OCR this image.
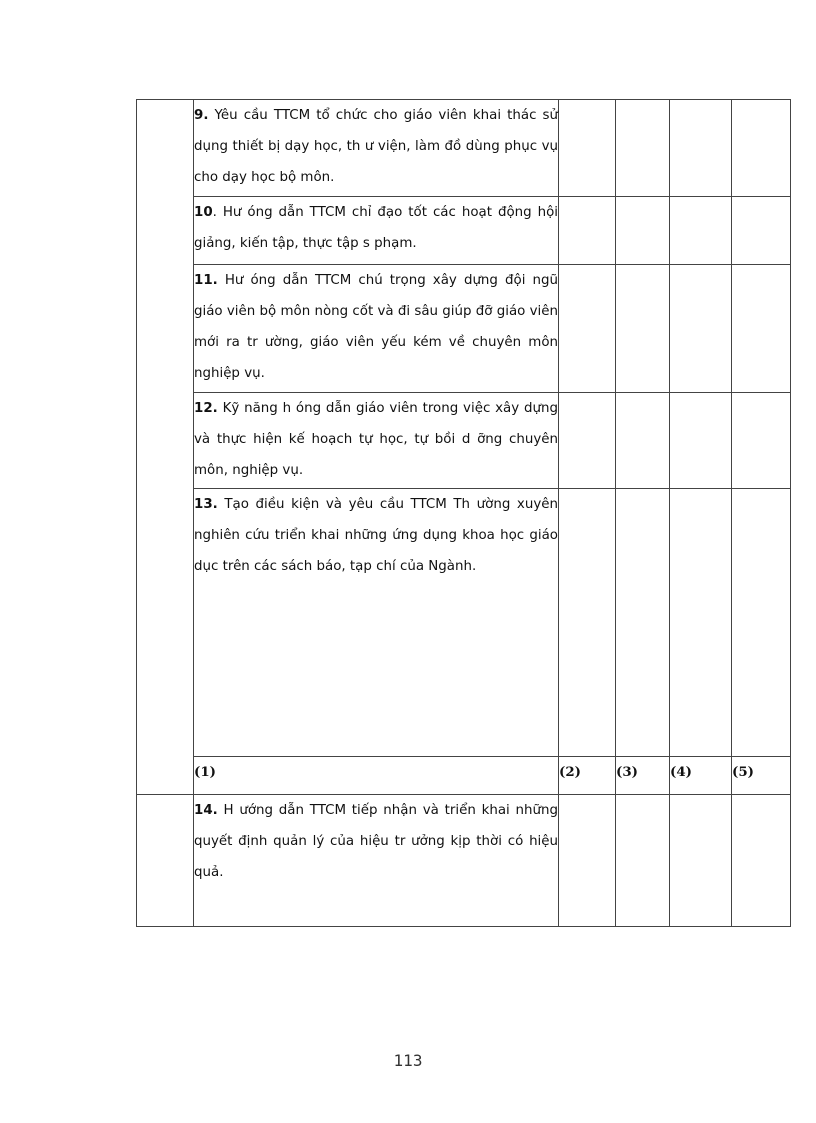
	9. Yêu cầu TTCM tổ chức cho giáo viên khai thác sử dụng thiết bị dạy học, th ư viện, làm đồ dùng phục vụ cho dạy học bộ môn.				
	10. Hư óng dẫn TTCM chỉ đạo tốt các hoạt động hội giảng, kiến tập, thực tập s phạm.				
	11. Hư óng dẫn TTCM chú trọng xây dựng đội ngũ giáo viên bộ môn nòng cốt và đi sâu giúp đỡ giáo viên mới ra tr ường, giáo viên yếu kém về chuyên môn nghiệp vụ.				
	12. Kỹ năng h óng dẫn giáo viên trong việc xây dựng và thực hiện kế hoạch tự học, tự bồi d ỡng chuyên môn, nghiệp vụ.				
	13. Tạo điều kiện và yêu cầu TTCM Th ường xuyên nghiên cứu triển khai những ứng dụng khoa học giáo dục trên các sách báo, tạp chí của Ngành.				
	(1)	(2)	(3)	(4)	(5)
	14. H ướng dẫn TTCM tiếp nhận và triển khai những quyết định quản lý của hiệu tr ưởng kịp thời có hiệu quả.				
113
